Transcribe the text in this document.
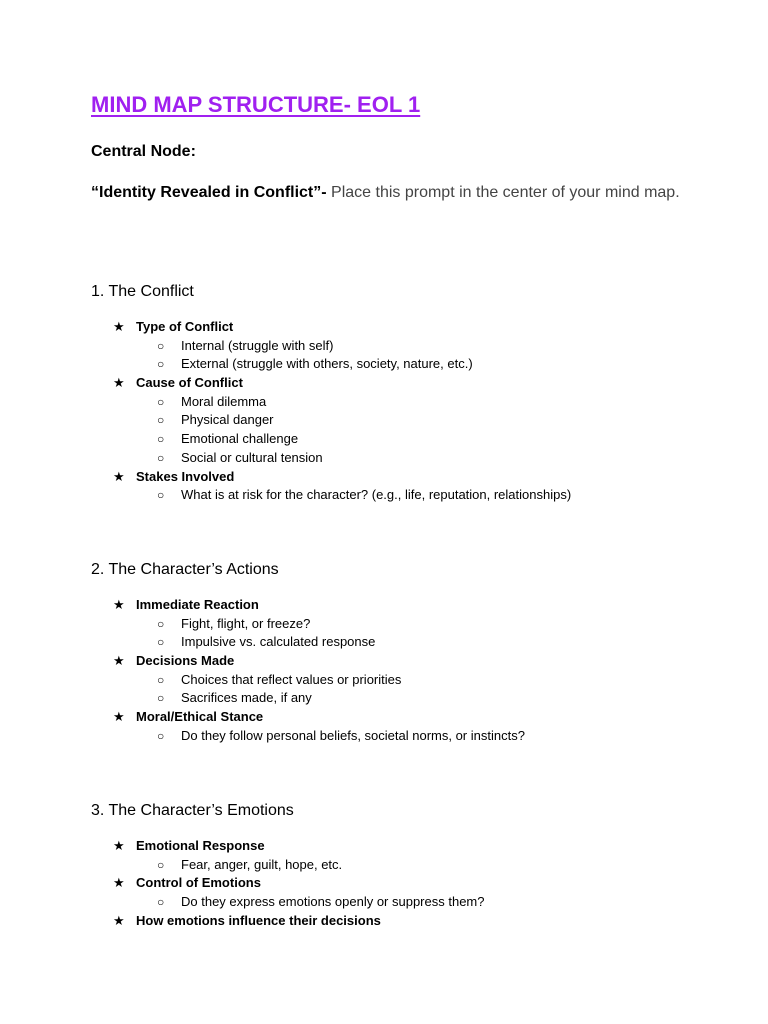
MIND MAP STRUCTURE- EOL 1
Central Node:
“Identity Revealed in Conflict”- Place this prompt in the center of your mind map.
1. The Conflict
★ Type of Conflict
○ Internal (struggle with self)
○ External (struggle with others, society, nature, etc.)
★ Cause of Conflict
○ Moral dilemma
○ Physical danger
○ Emotional challenge
○ Social or cultural tension
★ Stakes Involved
○ What is at risk for the character? (e.g., life, reputation, relationships)
2. The Character’s Actions
★ Immediate Reaction
○ Fight, flight, or freeze?
○ Impulsive vs. calculated response
★ Decisions Made
○ Choices that reflect values or priorities
○ Sacrifices made, if any
★ Moral/Ethical Stance
○ Do they follow personal beliefs, societal norms, or instincts?
3. The Character’s Emotions
★ Emotional Response
○ Fear, anger, guilt, hope, etc.
★ Control of Emotions
○ Do they express emotions openly or suppress them?
★ How emotions influence their decisions
